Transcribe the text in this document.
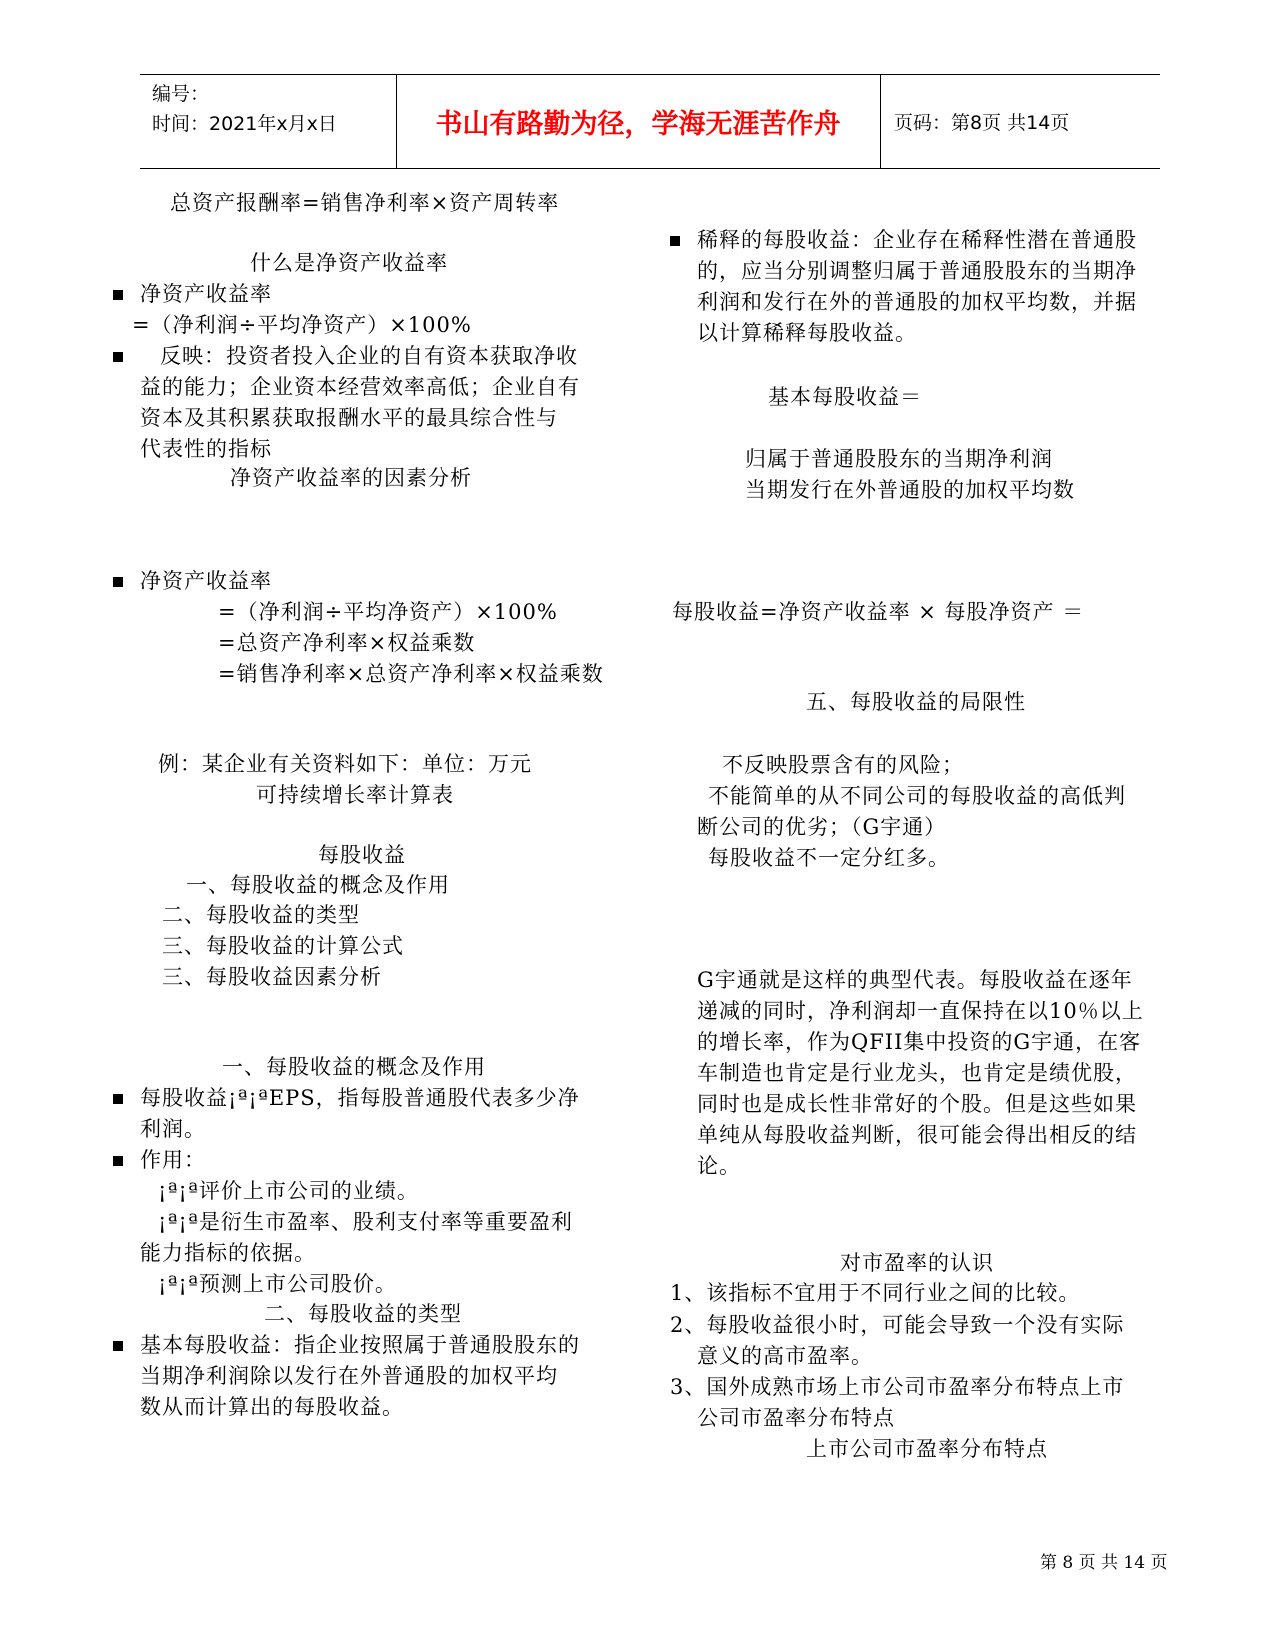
编号：
时间：2021年x月x日	书山有路勤为径，学海无涯苦作舟	页码：第8页 共14页
总资产报酬率=销售净利率×资产周转率
什么是净资产收益率
净资产收益率
=（净利润÷平均净资产）×100%
反映：投资者投入企业的自有资本获取净收
益的能力；企业资本经营效率高低；企业自有
资本及其积累获取报酬水平的最具综合性与
代表性的指标
净资产收益率的因素分析
净资产收益率
=（净利润÷平均净资产）×100%
=总资产净利率×权益乘数
=销售净利率×总资产净利率×权益乘数
例：某企业有关资料如下：单位：万元
可持续增长率计算表
每股收益
一、每股收益的概念及作用
二、每股收益的类型
三、每股收益的计算公式
三、每股收益因素分析
一、每股收益的概念及作用
每股收益¡ª¡ªEPS，指每股普通股代表多少净
利润。
作用：
¡ª¡ª评价上市公司的业绩。
¡ª¡ª是衍生市盈率、股利支付率等重要盈利
能力指标的依据。
¡ª¡ª预测上市公司股价。
二、每股收益的类型
基本每股收益：指企业按照属于普通股股东的
当期净利润除以发行在外普通股的加权平均
数从而计算出的每股收益。
稀释的每股收益：企业存在稀释性潜在普通股
的，应当分别调整归属于普通股股东的当期净
利润和发行在外的普通股的加权平均数，并据
以计算稀释每股收益。
基本每股收益＝
归属于普通股股东的当期净利润
当期发行在外普通股的加权平均数
每股收益=净资产收益率 × 每股净资产 ＝
五、每股收益的局限性
不反映股票含有的风险；
不能简单的从不同公司的每股收益的高低判
断公司的优劣；（G宇通）
每股收益不一定分红多。
G宇通就是这样的典型代表。每股收益在逐年
递减的同时，净利润却一直保持在以10％以上
的增长率，作为QFII集中投资的G宇通，在客
车制造也肯定是行业龙头，也肯定是绩优股，
同时也是成长性非常好的个股。但是这些如果
单纯从每股收益判断，很可能会得出相反的结
论。
对市盈率的认识
1、该指标不宜用于不同行业之间的比较。
2、每股收益很小时，可能会导致一个没有实际
意义的高市盈率。
3、国外成熟市场上市公司市盈率分布特点上市
公司市盈率分布特点
上市公司市盈率分布特点
第 8 页 共 14 页
